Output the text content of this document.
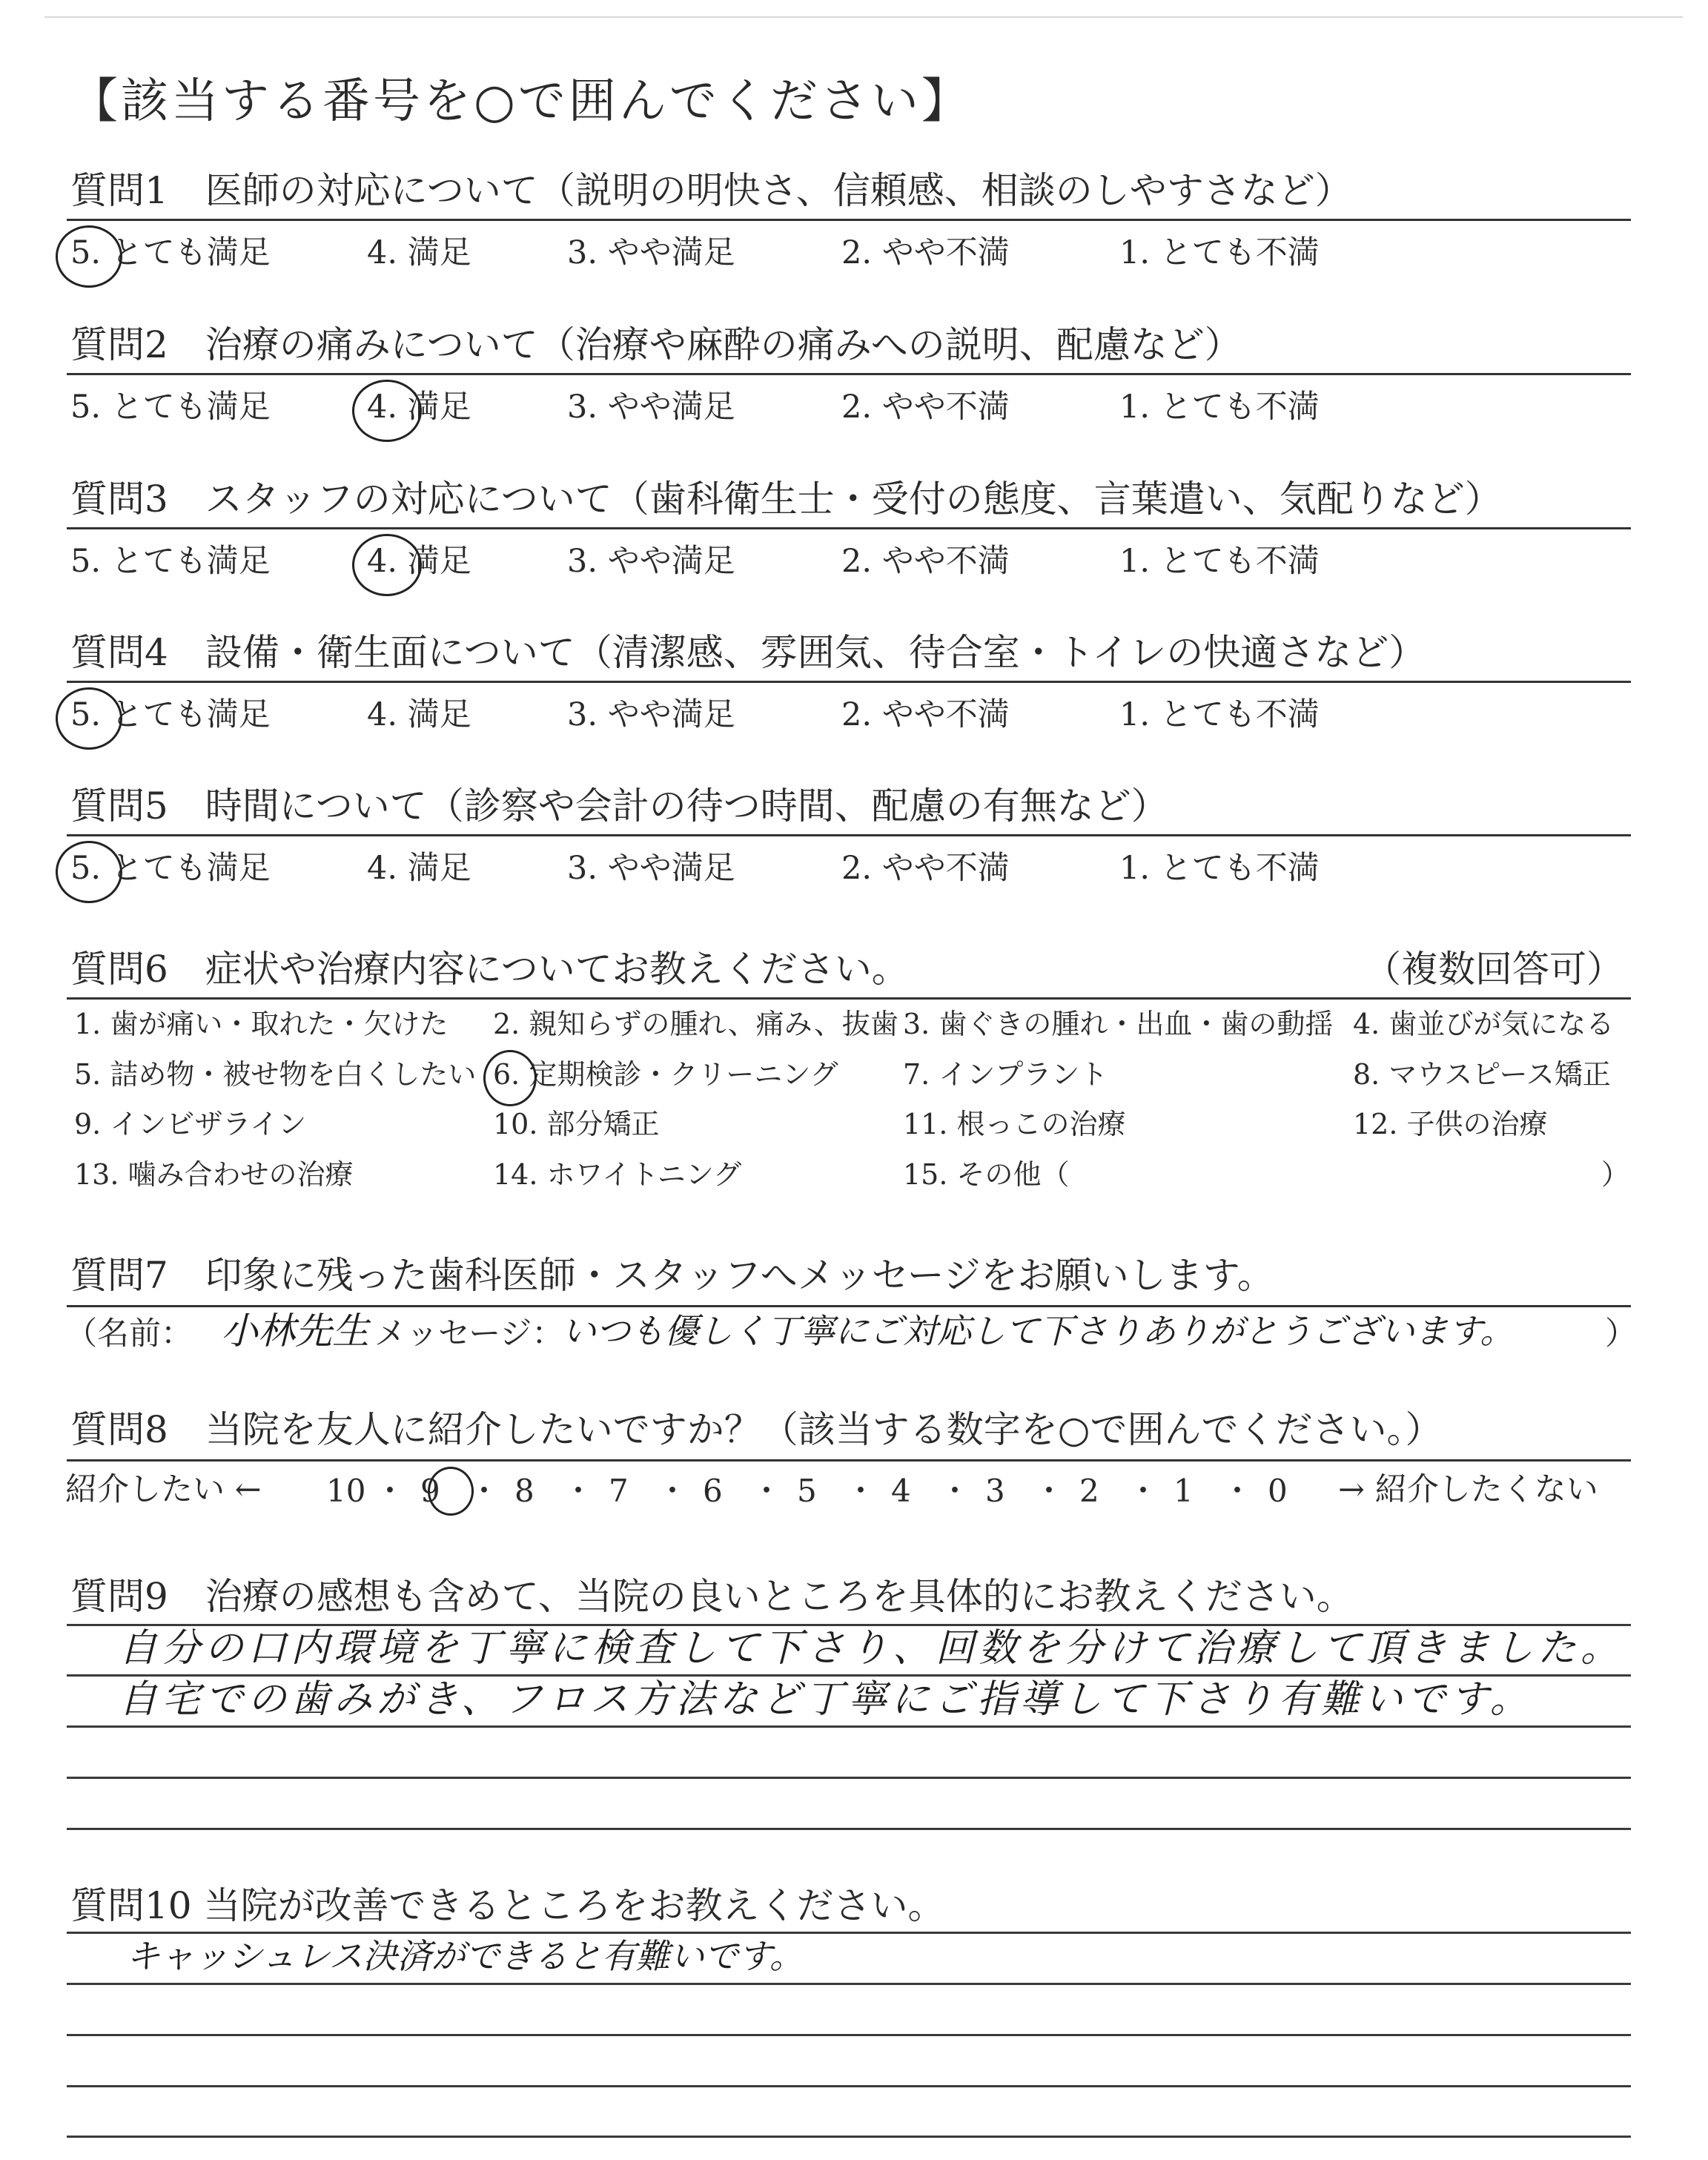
【該当する番号を○で囲んでください】
質問1　医師の対応について（説明の明快さ、信頼感、相談のしやすさなど）
5. とても満足	4. 満足	3. やや満足	2. やや不満	1. とても不満
質問2　治療の痛みについて（治療や麻酔の痛みへの説明、配慮など）
5. とても満足	4. 満足	3. やや満足	2. やや不満	1. とても不満
質問3　スタッフの対応について（歯科衛生士・受付の態度、言葉遣い、気配りなど）
5. とても満足	4. 満足	3. やや満足	2. やや不満	1. とても不満
質問4　設備・衛生面について（清潔感、雰囲気、待合室・トイレの快適さなど）
5. とても満足	4. 満足	3. やや満足	2. やや不満	1. とても不満
質問5　時間について（診察や会計の待つ時間、配慮の有無など）
5. とても満足	4. 満足	3. やや満足	2. やや不満	1. とても不満
質問6　症状や治療内容についてお教えください。	（複数回答可）
1. 歯が痛い・取れた・欠けた 2. 親知らずの腫れ、痛み、抜歯 3. 歯ぐきの腫れ・出血・歯の動揺 4. 歯並びが気になる
5. 詰め物・被せ物を白くしたい 6. 定期検診・クリーニング 7. インプラント	8. マウスピース矯正
9. インビザライン	10. 部分矯正	11. 根っこの治療	12. 子供の治療
13. 噛み合わせの治療	14. ホワイトニング	15. その他（	）
質問7　印象に残った歯科医師・スタッフへメッセージをお願いします。
（名前： 小林先生 メッセージ：
いつも優しく丁寧にご対応して下さりありがとうございます。	）
質問8　当院を友人に紹介したいですか？（該当する数字を○で囲んでください。）
紹介したい ← 10 ・ 9 ・ 8 ・ 7 ・ 6 ・ 5 ・ 4 ・ 3 ・ 2 ・ 1 ・ 0 → 紹介したくない
質問9　治療の感想も含めて、当院の良いところを具体的にお教えください。
自分の口内環境を丁寧に検査して下さり、回数を分けて治療して頂きました。
自宅での歯みがき、フロス方法など丁寧にご指導して下さり有難いです。
質問10 当院が改善できるところをお教えください。
キャッシュレス決済ができると有難いです。
